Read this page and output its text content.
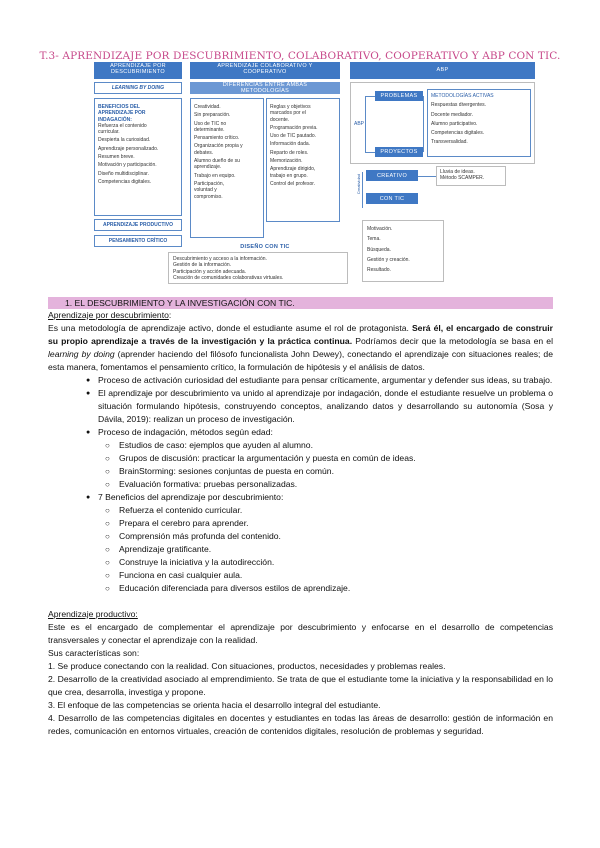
T.3- APRENDIZAJE POR DESCUBRIMIENTO, COLABORATIVO, COOPERATIVO Y ABP CON TIC.
APRENDIZAJE POR DESCUBRIMIENTO
LEARNING BY DOING
BENEFICIOS DEL
APRENDIZAJE POR
INDAGACIÓN:
Refuerza el contenido
curricular.
Despierta la curiosidad.
Aprendizaje personalizado.
Resumen breve.
Motivación y participación.
Diseño multidisciplinar.
Competencias digitales.
APRENDIZAJE PRODUCTIVO
PENSAMIENTO CRÍTICO
APRENDIZAJE COLABORATIVO Y COOPERATIVO
DIFERENCIAS ENTRE AMBAS METODOLOGÍAS
Creatividad.
Sin preparación.
Uso de TIC no
determinante.
Pensamiento crítico.
Organización propia y
debates.
Alumno dueño de su
aprendizaje.
Trabajo en equipo.
Participación,
voluntad y
compromiso.
Reglas y objetivos
marcados por el
docente.
Programación previa.
Uso de TIC pautado.
Información dada.
Reparto de roles.
Memorización.
Aprendizaje dirigido,
trabajo en grupo.
Control del profesor.
DISEÑO CON TIC
Descubrimiento y acceso a la información.
Gestión de la información.
Participación y acción adecuada.
Creación de comunidades colaborativas virtuales.
ABP
ABP
PROBLEMAS
PROYECTOS
METODOLOGÍAS ACTIVAS
Respuestas divergentes.
Docente mediador.
Alumno participativo.
Competencias digitales.
Transversalidad.
Creatividad	CREATIVO
CON TIC
Lluvia de ideas.
Método SCAMPER.
Motivación.
Tema.
Búsqueda.
Gestión y creación.
Resultado.
1. EL DESCUBRIMIENTO Y LA INVESTIGACIÓN CON TIC.

Aprendizaje por descubrimiento:

Es una metodología de aprendizaje activo, donde el estudiante asume el rol de protagonista. Será él, el encargado de construir su propio aprendizaje a través de la investigación y la práctica continua. Podríamos decir que la metodología se basa en el learning by doing (aprender haciendo del filósofo funcionalista John Dewey), conectando el aprendizaje con situaciones reales; de esta manera, fomentamos el pensamiento crítico, la formulación de hipótesis y el análisis de datos.

● Proceso de activación curiosidad del estudiante para pensar críticamente, argumentar y defender sus ideas, su trabajo.

● El aprendizaje por descubrimiento va unido al aprendizaje por indagación, donde el estudiante resuelve un problema o situación formulando hipótesis, construyendo conceptos, analizando datos y desarrollando su autonomía (Sosa y Dávila, 2019): realizan un proceso de investigación.

● Proceso de indagación, métodos según edad:

○ Estudios de caso: ejemplos que ayuden al alumno.

○ Grupos de discusión: practicar la argumentación y puesta en común de ideas.

○ BrainStorming: sesiones conjuntas de puesta en común.

○ Evaluación formativa: pruebas personalizadas.

● 7 Beneficios del aprendizaje por descubrimiento:

○ Refuerza el contenido curricular.

○ Prepara el cerebro para aprender.

○ Comprensión más profunda del contenido.

○ Aprendizaje gratificante.

○ Construye la iniciativa y la autodirección.

○ Funciona en casi cualquier aula.

○ Educación diferenciada para diversos estilos de aprendizaje.

Aprendizaje productivo:

Este es el encargado de complementar el aprendizaje por descubrimiento y enfocarse en el desarrollo de competencias transversales y conectar el aprendizaje con la realidad.

Sus características son:

1. Se produce conectando con la realidad. Con situaciones, productos, necesidades y problemas reales.

2. Desarrollo de la creatividad asociado al emprendimiento. Se trata de que el estudiante tome la iniciativa y la responsabilidad en lo que crea, desarrolla, investiga y propone.

3. El enfoque de las competencias se orienta hacia el desarrollo integral del estudiante.

4. Desarrollo de las competencias digitales en docentes y estudiantes en todas las áreas de desarrollo: gestión de información en redes, comunicación en entornos virtuales, creación de contenidos digitales, resolución de problemas y seguridad.
